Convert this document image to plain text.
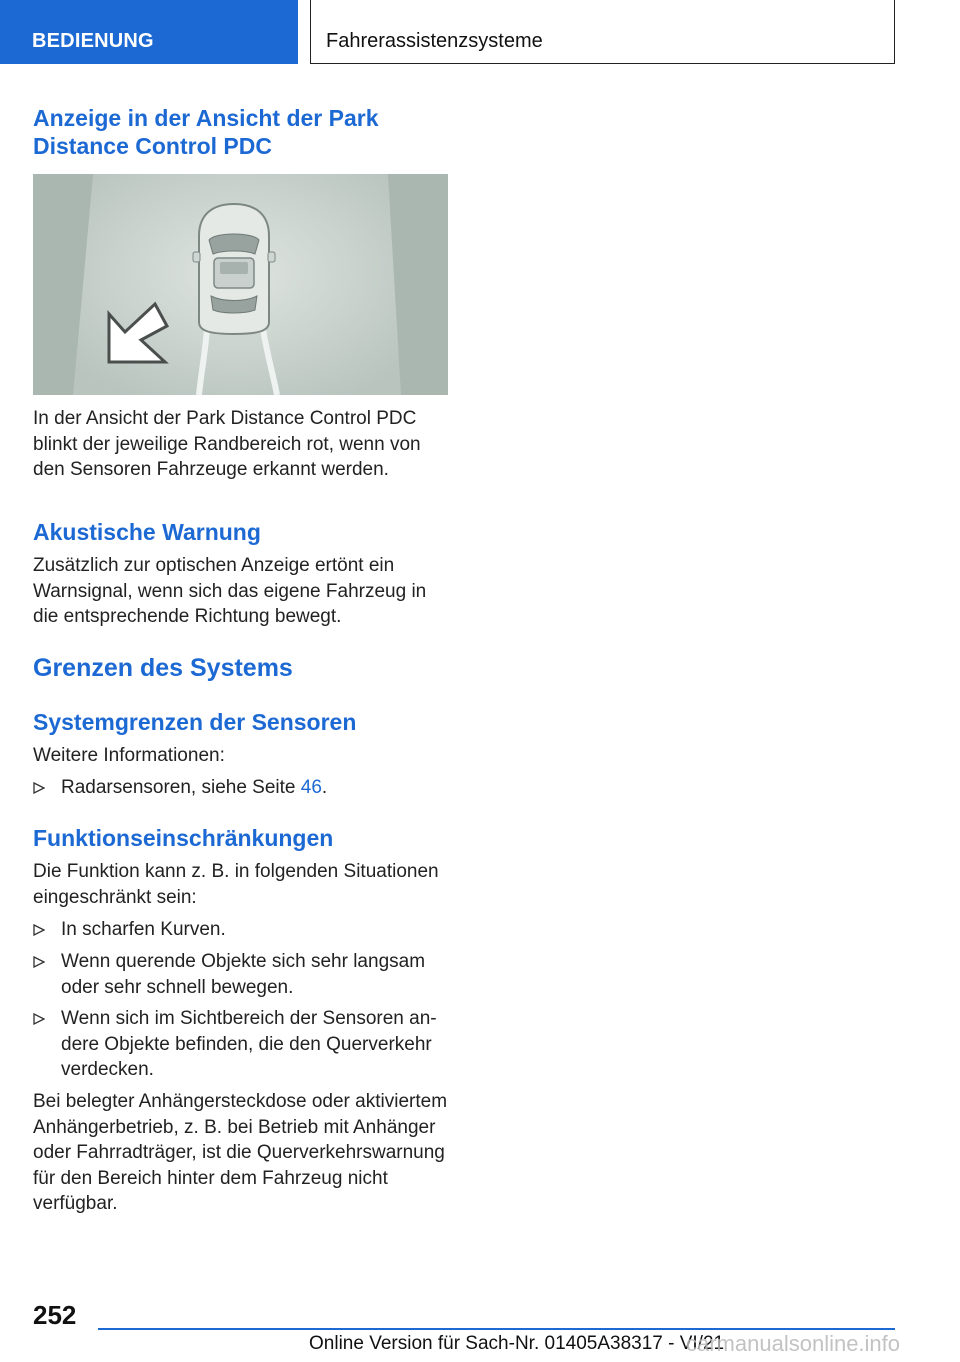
BEDIENUNG	Fahrerassistenzsysteme
Anzeige in der Ansicht der Park
Distance Control PDC

In der Ansicht der Park Distance Control PDC blinkt der jeweilige Randbereich rot, wenn von den Sensoren Fahrzeuge erkannt werden.

Akustische Warnung

Zusätzlich zur optischen Anzeige ertönt ein Warnsignal, wenn sich das eigene Fahrzeug in die entsprechende Richtung bewegt.

Grenzen des Systems
Systemgrenzen der Sensoren

Weitere Informationen:

Radarsensoren, siehe Seite 46.
Funktionseinschränkungen

Die Funktion kann z. B. in folgenden Situationen eingeschränkt sein:

In scharfen Kurven.
Wenn querende Objekte sich sehr langsam oder sehr schnell bewegen.
Wenn sich im Sichtbereich der Sensoren andere Objekte befinden, die den Querverkehr verdecken.

Bei belegter Anhängersteckdose oder aktiviertem Anhängerbetrieb, z. B. bei Betrieb mit Anhänger oder Fahrradträger, ist die Querverkehrswarnung für den Bereich hinter dem Fahrzeug nicht verfügbar.

252
Online Version für Sach-Nr. 01405A38317 - VI/21
carmanualsonline.info
